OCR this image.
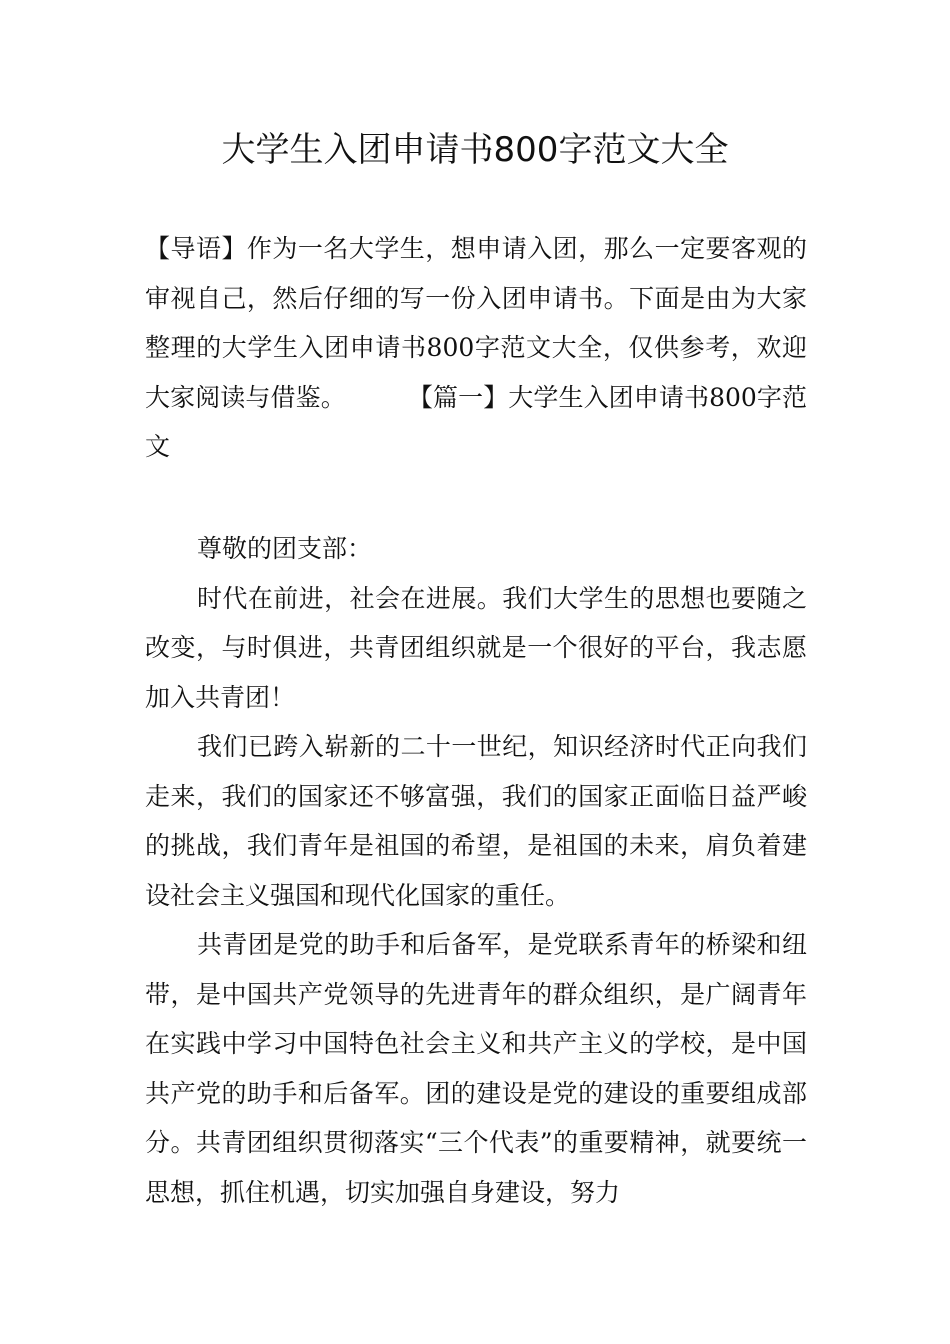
大学生入团申请书800字范文大全

【导语】作为一名大学生，想申请入团，那么一定要客观的审视自己，然后仔细的写一份入团申请书。下面是由为大家整理的大学生入团申请书800字范文大全，仅供参考，欢迎大家阅读与借鉴。 【篇一】大学生入团申请书800字范文

尊敬的团支部：

时代在前进，社会在进展。我们大学生的思想也要随之改变，与时俱进，共青团组织就是一个很好的平台，我志愿加入共青团！

我们已跨入崭新的二十一世纪，知识经济时代正向我们走来，我们的国家还不够富强，我们的国家正面临日益严峻的挑战，我们青年是祖国的希望，是祖国的未来，肩负着建设社会主义强国和现代化国家的重任。

共青团是党的助手和后备军，是党联系青年的桥梁和纽带，是中国共产党领导的先进青年的群众组织，是广阔青年在实践中学习中国特色社会主义和共产主义的学校，是中国共产党的助手和后备军。团的建设是党的建设的重要组成部分。共青团组织贯彻落实“三个代表”的重要精神，就要统一思想，抓住机遇，切实加强自身建设，努力
